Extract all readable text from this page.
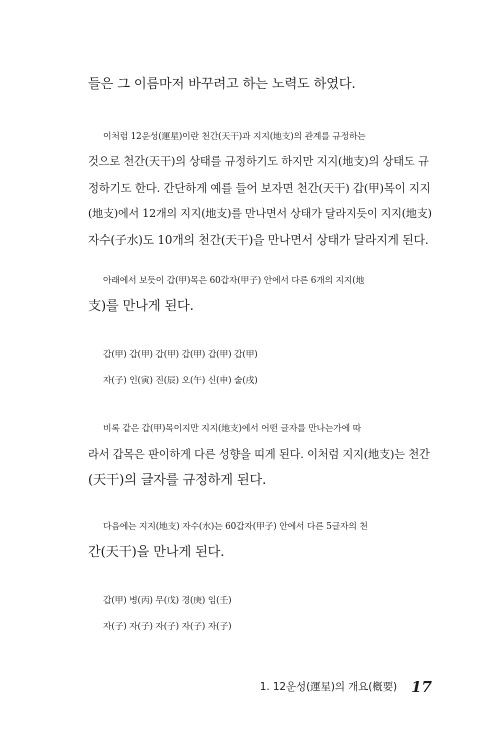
들은 그 이름마저 바꾸려고 하는 노력도 하였다.
이처럼 12운성(運星)이란 천간(天干)과 지지(地支)의 관계를 규정하는
것으로 천간(天干)의 상태를 규정하기도 하지만 지지(地支)의 상태도 규
정하기도 한다. 간단하게 예를 들어 보자면 천간(天干) 갑(甲)목이 지지
(地支)에서 12개의 지지(地支)를 만나면서 상태가 달라지듯이 지지(地支)
자수(子水)도 10개의 천간(天干)을 만나면서 상태가 달라지게 된다.
아래에서 보듯이 갑(甲)목은 60갑자(甲子) 안에서 다른 6개의 지지(地
支)를 만나게 된다.
갑(甲) 갑(甲) 갑(甲) 갑(甲) 갑(甲) 갑(甲)
자(子) 인(寅) 진(辰) 오(午) 신(申) 술(戌)
비록 같은 갑(甲)목이지만 지지(地支)에서 어떤 글자를 만나는가에 따
라서 갑목은 판이하게 다른 성향을 띠게 된다. 이처럼 지지(地支)는 천간
(天干)의 글자를 규정하게 된다.
다음에는 지지(地支) 자수(水)는 60갑자(甲子) 안에서 다른 5글자의 천
간(天干)을 만나게 된다.
갑(甲) 병(丙) 무(戊) 경(庚) 임(壬)
자(子) 자(子) 자(子) 자(子) 자(子)
1. 12운성(運星)의 개요(槪要) 17
